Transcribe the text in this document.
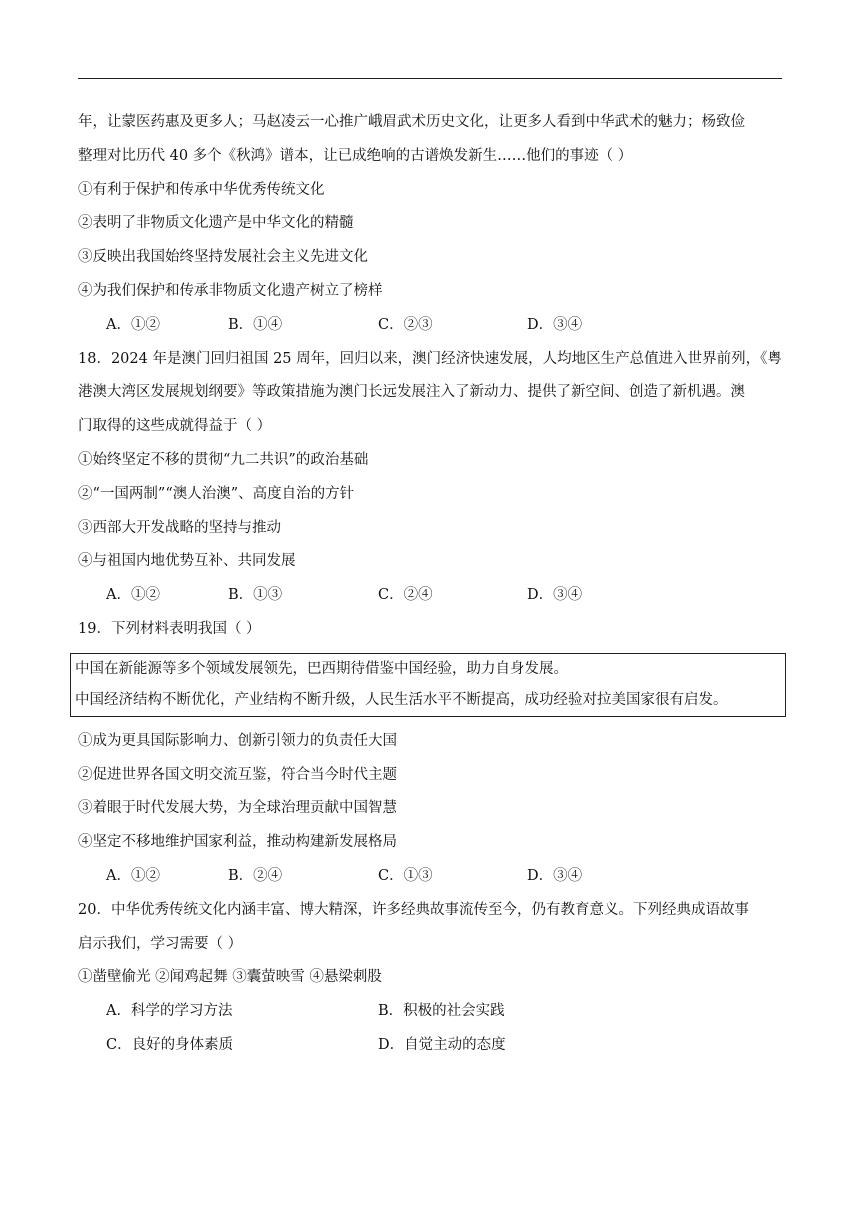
年，让蒙医药惠及更多人；马赵凌云一心推广峨眉武术历史文化，让更多人看到中华武术的魅力；杨致俭
整理对比历代 40 多个《秋鸿》谱本，让已成绝响的古谱焕发新生……他们的事迹（ ）
①有利于保护和传承中华优秀传统文化
②表明了非物质文化遗产是中华文化的精髓
③反映出我国始终坚持发展社会主义先进文化
④为我们保护和传承非物质文化遗产树立了榜样
A．①②	B．①④	C．②③	D．③④
18．2024 年是澳门回归祖国 25 周年，回归以来，澳门经济快速发展，人均地区生产总值进入世界前列，《粤
港澳大湾区发展规划纲要》等政策措施为澳门长远发展注入了新动力、提供了新空间、创造了新机遇。澳
门取得的这些成就得益于（ ）
①始终坚定不移的贯彻“九二共识”的政治基础
②“一国两制”“澳人治澳”、高度自治的方针
③西部大开发战略的坚持与推动
④与祖国内地优势互补、共同发展
A．①②	B．①③	C．②④	D．③④
19．下列材料表明我国（ ）
中国在新能源等多个领域发展领先，巴西期待借鉴中国经验，助力自身发展。
中国经济结构不断优化，产业结构不断升级，人民生活水平不断提高，成功经验对拉美国家很有启发。
①成为更具国际影响力、创新引领力的负责任大国
②促进世界各国文明交流互鉴，符合当今时代主题
③着眼于时代发展大势，为全球治理贡献中国智慧
④坚定不移地维护国家利益，推动构建新发展格局
A．①②	B．②④	C．①③	D．③④
20．中华优秀传统文化内涵丰富、博大精深，许多经典故事流传至今，仍有教育意义。下列经典成语故事
启示我们，学习需要（ ）
①凿壁偷光 ②闻鸡起舞 ③囊萤映雪 ④悬梁刺股
A．科学的学习方法	B．积极的社会实践
C．良好的身体素质	D．自觉主动的态度
